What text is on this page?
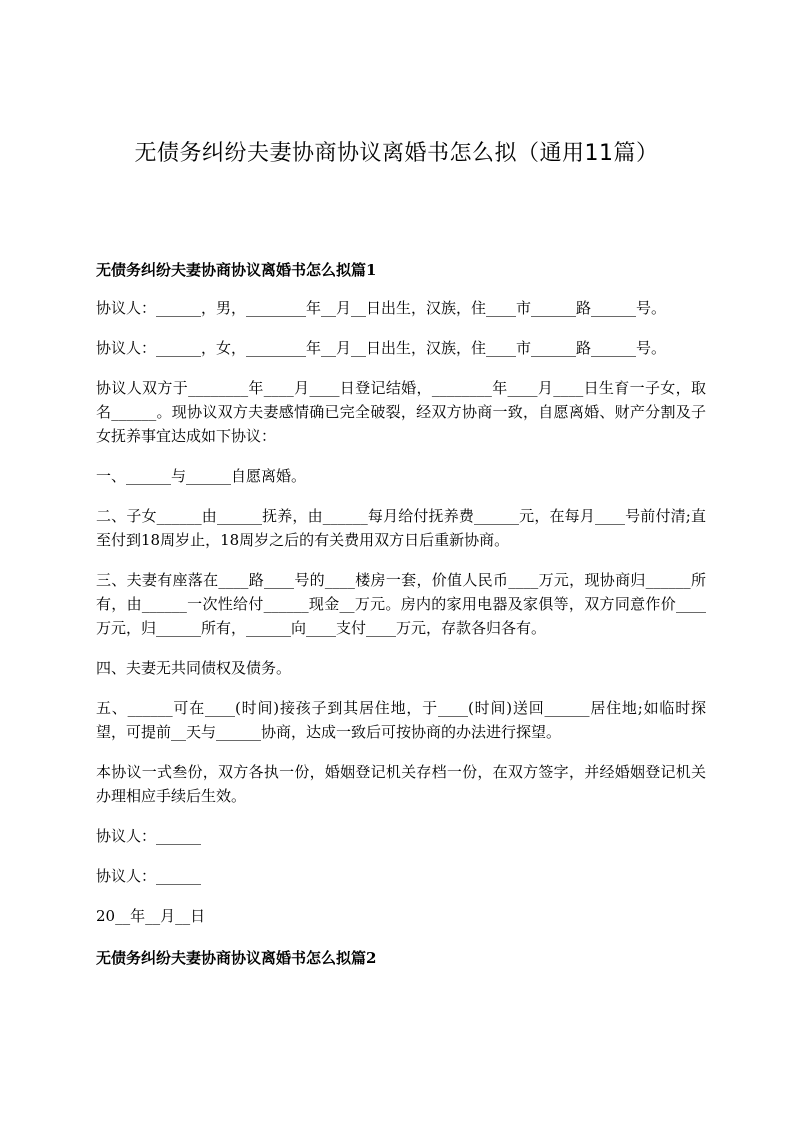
无债务纠纷夫妻协商协议离婚书怎么拟（通用11篇）
无债务纠纷夫妻协商协议离婚书怎么拟篇1

协议人：______，男，________年__月__日出生，汉族，住____市______路______号。

协议人：______，女，________年__月__日出生，汉族，住____市______路______号。

协议人双方于________年____月____日登记结婚，________年____月____日生育一子女，取名______。现协议双方夫妻感情确已完全破裂，经双方协商一致，自愿离婚、财产分割及子女抚养事宜达成如下协议：

一、______与______自愿离婚。

二、子女______由______抚养，由______每月给付抚养费______元，在每月____号前付清;直至付到18周岁止，18周岁之后的有关费用双方日后重新协商。

三、夫妻有座落在____路____号的____楼房一套，价值人民币____万元，现协商归______所有，由______一次性给付______现金__万元。房内的家用电器及家俱等，双方同意作价____万元，归______所有，______向____支付____万元，存款各归各有。

四、夫妻无共同债权及债务。

五、______可在____(时间)接孩子到其居住地，于____(时间)送回______居住地;如临时探望，可提前__天与______协商，达成一致后可按协商的办法进行探望。

本协议一式叁份，双方各执一份，婚姻登记机关存档一份，在双方签字，并经婚姻登记机关办理相应手续后生效。

协议人：______

协议人：______

20__年__月__日

无债务纠纷夫妻协商协议离婚书怎么拟篇2
